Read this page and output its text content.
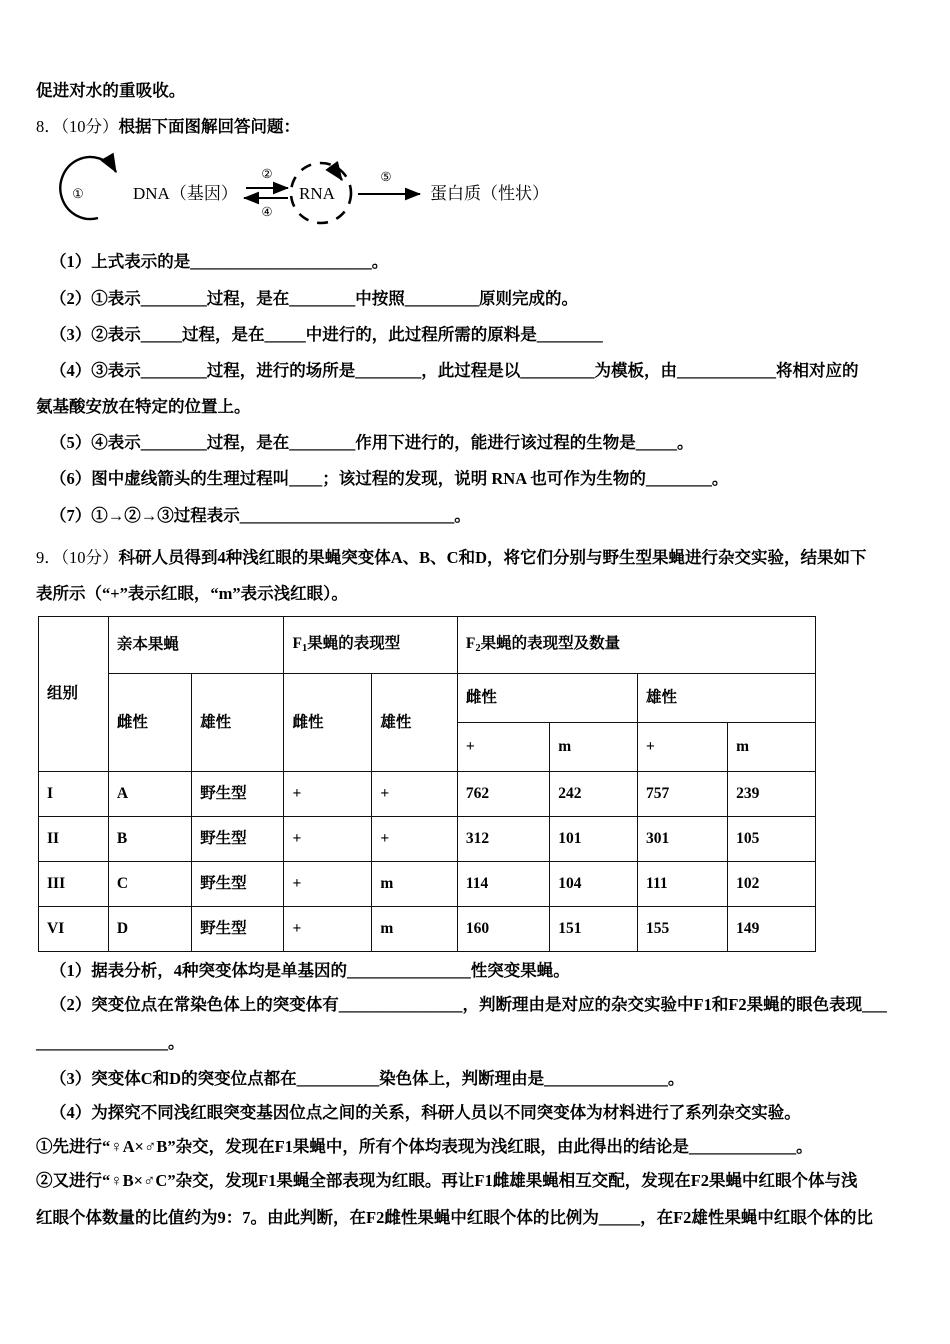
促进对水的重吸收。

8．（10分）根据下面图解回答问题：

①	DNA（基因）
②
④
RNA
⑤
蛋白质（性状）

（1）上式表示的是______________________。

（2）①表示________过程，是在________中按照_________原则完成的。

（3）②表示_____过程，是在_____中进行的，此过程所需的原料是________

（4）③表示________过程，进行的场所是________，此过程是以_________为模板，由____________将相对应的

氨基酸安放在特定的位置上。

（5）④表示________过程，是在________作用下进行的，能进行该过程的生物是_____。

（6）图中虚线箭头的生理过程叫____；该过程的发现，说明 RNA 也可作为生物的________。

（7）①→②→③过程表示__________________________。

9．（10分）科研人员得到4种浅红眼的果蝇突变体A、B、C和D，将它们分别与野生型果蝇进行杂交实验，结果如下

表所示（“+”表示红眼，“m”表示浅红眼）。

组别	亲本果蝇		$F_1$果蝇的表现型		$F_2$果蝇的表现型及数量			
	雌性	雄性	雌性	雄性	雌性		雄性	
					+	m	+	m
I	A	野生型	+	+	762	242	757	239
II	B	野生型	+	+	312	101	301	105
III	C	野生型	+	m	114	104	111	102
VI	D	野生型	+	m	160	151	155	149

（1）据表分析，4种突变体均是单基因的_______________性突变果蝇。

（2）突变位点在常染色体上的突变体有_______________，判断理由是对应的杂交实验中F1和F2果蝇的眼色表现___

________________。

（3）突变体C和D的突变位点都在__________染色体上，判断理由是_______________。

（4）为探究不同浅红眼突变基因位点之间的关系，科研人员以不同突变体为材料进行了系列杂交实验。

①先进行“♀A×♂B”杂交，发现在F1果蝇中，所有个体均表现为浅红眼，由此得出的结论是_____________。

②又进行“♀B×♂C”杂交，发现F1果蝇全部表现为红眼。再让F1雌雄果蝇相互交配，发现在F2果蝇中红眼个体与浅

红眼个体数量的比值约为9：7。由此判断，在F2雌性果蝇中红眼个体的比例为_____，在F2雄性果蝇中红眼个体的比
